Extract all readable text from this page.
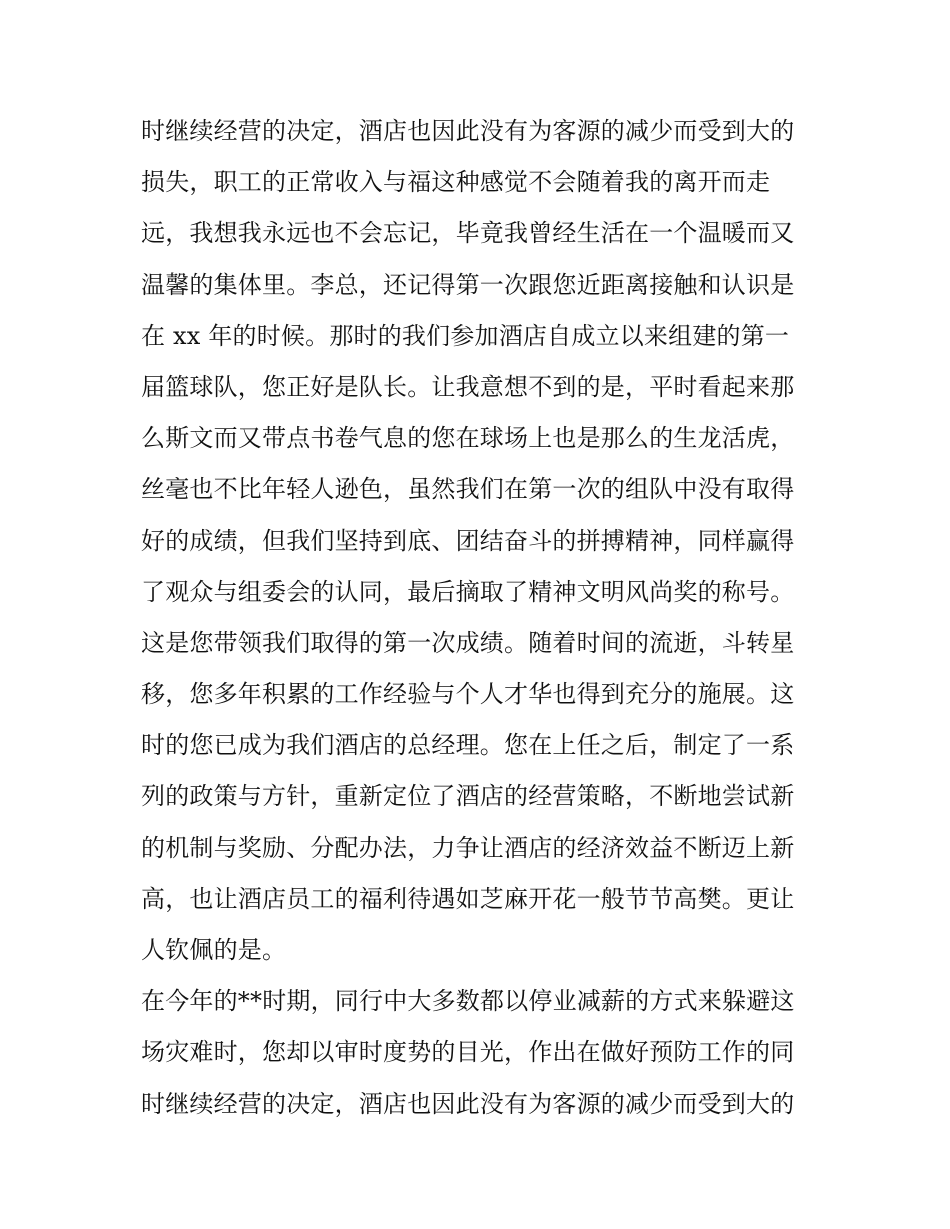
时继续经营的决定，酒店也因此没有为客源的减少而受到大的
损失，职工的正常收入与福这种感觉不会随着我的离开而走
远，我想我永远也不会忘记，毕竟我曾经生活在一个温暖而又
温馨的集体里。李总，还记得第一次跟您近距离接触和认识是
在 xx 年的时候。那时的我们参加酒店自成立以来组建的第一
届篮球队，您正好是队长。让我意想不到的是，平时看起来那
么斯文而又带点书卷气息的您在球场上也是那么的生龙活虎，
丝毫也不比年轻人逊色，虽然我们在第一次的组队中没有取得
好的成绩，但我们坚持到底、团结奋斗的拼搏精神，同样赢得
了观众与组委会的认同，最后摘取了精神文明风尚奖的称号。
这是您带领我们取得的第一次成绩。随着时间的流逝，斗转星
移，您多年积累的工作经验与个人才华也得到充分的施展。这
时的您已成为我们酒店的总经理。您在上任之后，制定了一系
列的政策与方针，重新定位了酒店的经营策略，不断地尝试新
的机制与奖励、分配办法，力争让酒店的经济效益不断迈上新
高，也让酒店员工的福利待遇如芝麻开花一般节节高樊。更让
人钦佩的是。
在今年的**时期，同行中大多数都以停业减薪的方式来躲避这
场灾难时，您却以审时度势的目光，作出在做好预防工作的同
时继续经营的决定，酒店也因此没有为客源的减少而受到大的
